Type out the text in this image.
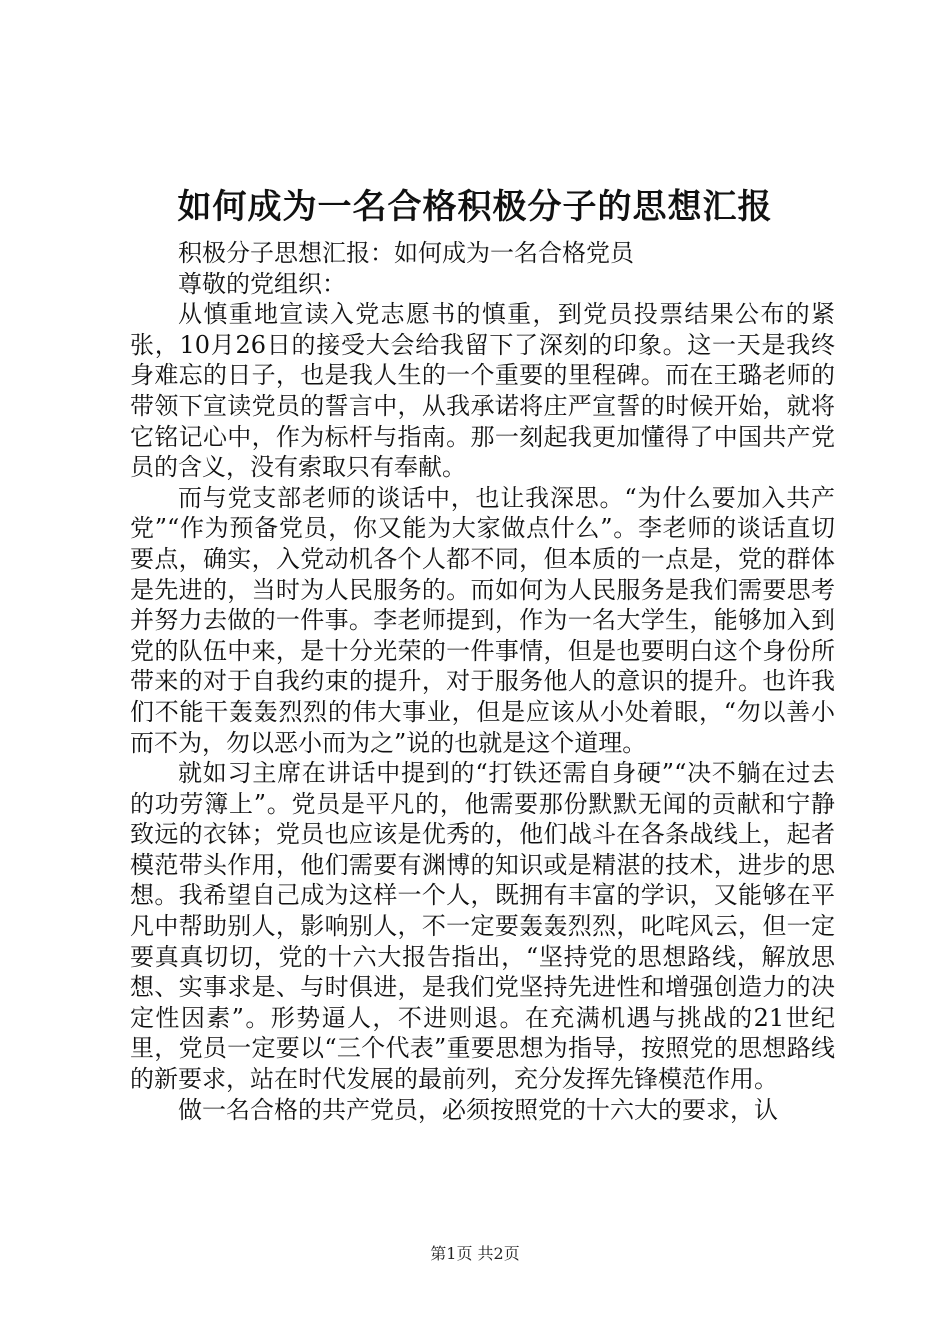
如何成为一名合格积极分子的思想汇报

积极分子思想汇报：如何成为一名合格党员

尊敬的党组织：

从慎重地宣读入党志愿书的慎重，到党员投票结果公布的紧张，10月26日的接受大会给我留下了深刻的印象。这一天是我终身难忘的日子，也是我人生的一个重要的里程碑。而在王璐老师的带领下宣读党员的誓言中，从我承诺将庄严宣誓的时候开始，就将它铭记心中，作为标杆与指南。那一刻起我更加懂得了中国共产党员的含义，没有索取只有奉献。

而与党支部老师的谈话中，也让我深思。“为什么要加入共产党”“作为预备党员，你又能为大家做点什么”。李老师的谈话直切要点，确实，入党动机各个人都不同，但本质的一点是，党的群体是先进的，当时为人民服务的。而如何为人民服务是我们需要思考并努力去做的一件事。李老师提到，作为一名大学生，能够加入到党的队伍中来，是十分光荣的一件事情，但是也要明白这个身份所带来的对于自我约束的提升，对于服务他人的意识的提升。也许我们不能干轰轰烈烈的伟大事业，但是应该从小处着眼，“勿以善小而不为，勿以恶小而为之”说的也就是这个道理。

就如习主席在讲话中提到的“打铁还需自身硬”“决不躺在过去的功劳簿上”。党员是平凡的，他需要那份默默无闻的贡献和宁静致远的衣钵；党员也应该是优秀的，他们战斗在各条战线上，起者模范带头作用，他们需要有渊博的知识或是精湛的技术，进步的思想。我希望自己成为这样一个人，既拥有丰富的学识，又能够在平凡中帮助别人，影响别人，不一定要轰轰烈烈，叱咤风云，但一定要真真切切，党的十六大报告指出，“坚持党的思想路线，解放思想、实事求是、与时俱进，是我们党坚持先进性和增强创造力的决定性因素”。形势逼人，不进则退。在充满机遇与挑战的21世纪里，党员一定要以“三个代表”重要思想为指导，按照党的思想路线的新要求，站在时代发展的最前列，充分发挥先锋模范作用。

做一名合格的共产党员，必须按照党的十六大的要求，认

第1页 共2页
